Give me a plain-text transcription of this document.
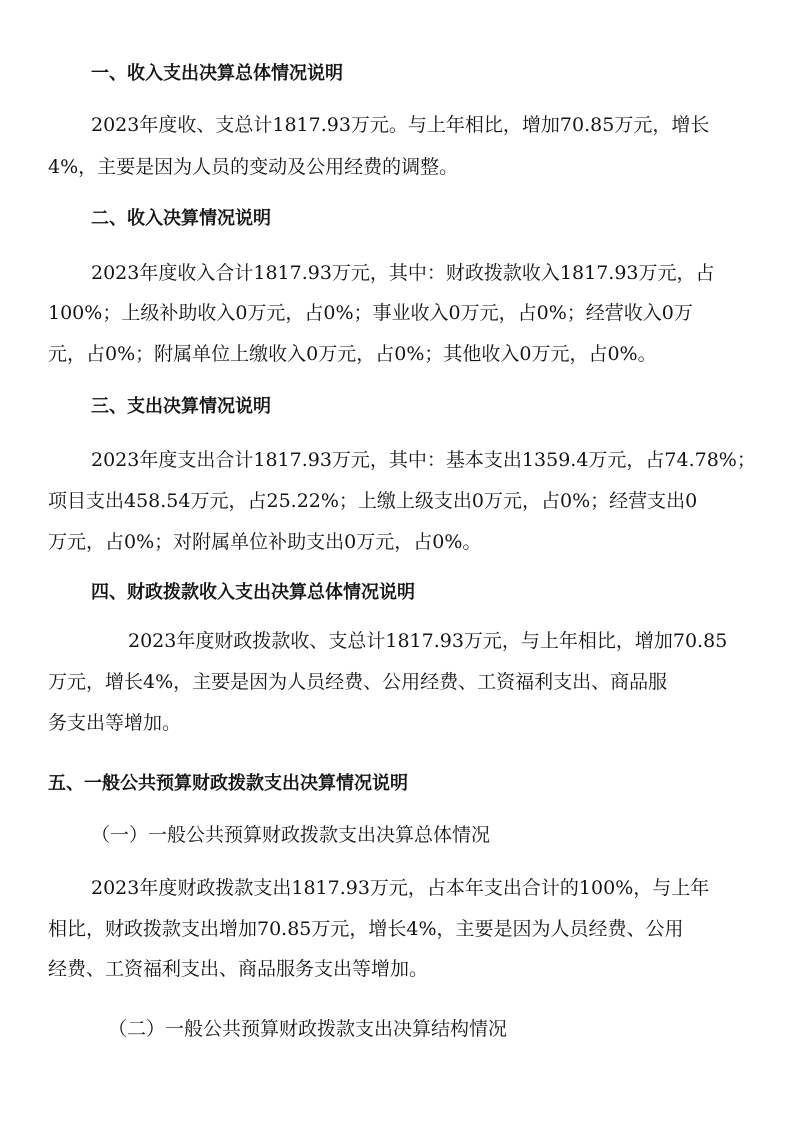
一、收入支出决算总体情况说明
2023年度收、支总计1817.93万元。与上年相比，增加70.85万元，增长
4%，主要是因为人员的变动及公用经费的调整。
二、收入决算情况说明
2023年度收入合计1817.93万元，其中：财政拨款收入1817.93万元，占
100%；上级补助收入0万元，占0%；事业收入0万元，占0%；经营收入0万
元，占0%；附属单位上缴收入0万元，占0%；其他收入0万元，占0%。
三、支出决算情况说明
2023年度支出合计1817.93万元，其中：基本支出1359.4万元，占74.78%；
项目支出458.54万元，占25.22%；上缴上级支出0万元，占0%；经营支出0
万元，占0%；对附属单位补助支出0万元，占0%。
四、财政拨款收入支出决算总体情况说明
2023年度财政拨款收、支总计1817.93万元，与上年相比，增加70.85
万元，增长4%，主要是因为人员经费、公用经费、工资福利支出、商品服
务支出等增加。
五、一般公共预算财政拨款支出决算情况说明
（一）一般公共预算财政拨款支出决算总体情况
2023年度财政拨款支出1817.93万元，占本年支出合计的100%，与上年
相比，财政拨款支出增加70.85万元，增长4%，主要是因为人员经费、公用
经费、工资福利支出、商品服务支出等增加。
（二）一般公共预算财政拨款支出决算结构情况
